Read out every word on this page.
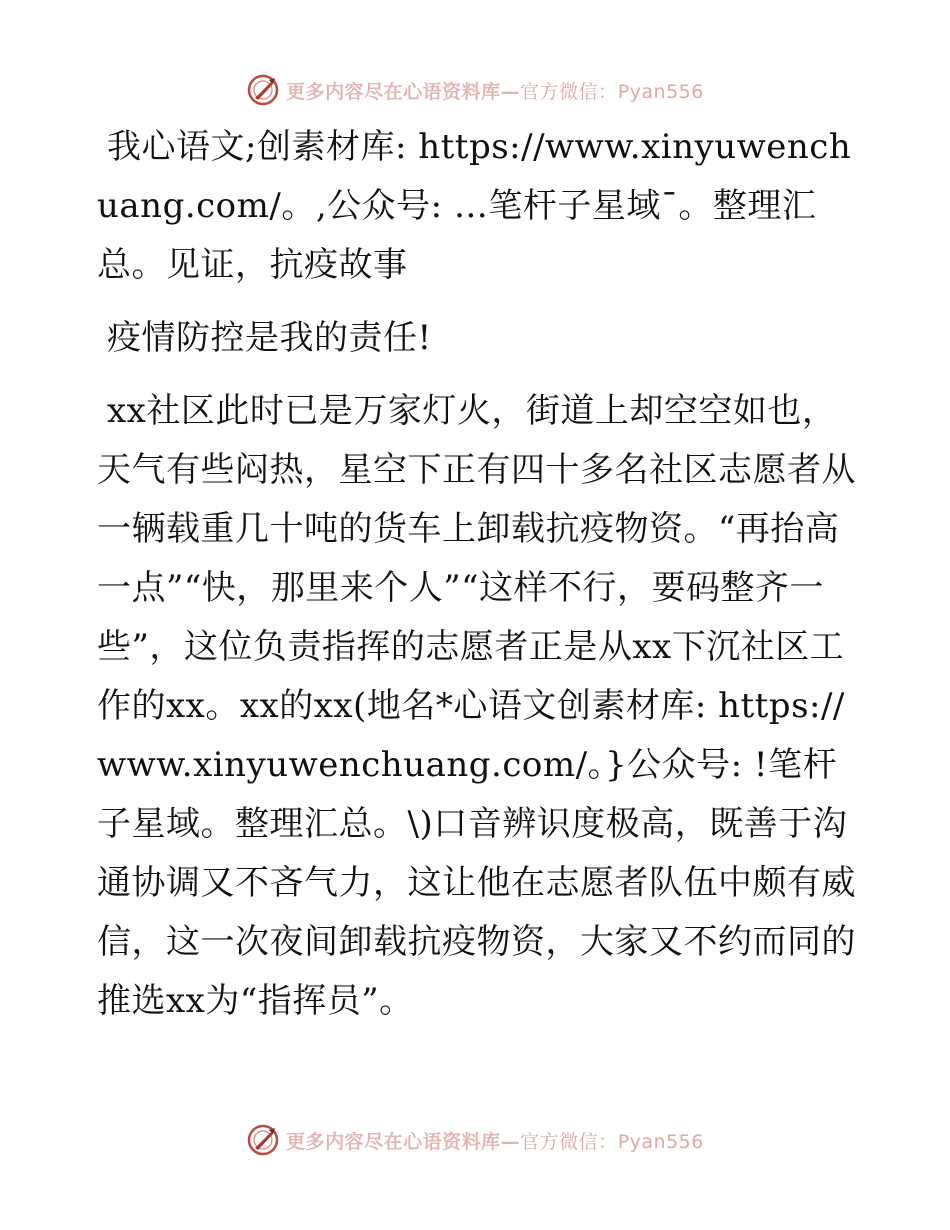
更多内容尽在心语资料库—官方微信：Pyan556

我心语文;创素材库: https://www.xinyuwenchuang.com/。,公众号: …笔杆子星域¯。整理汇总。见证，抗疫故事

疫情防控是我的责任!

xx社区此时已是万家灯火，街道上却空空如也，天气有些闷热，星空下正有四十多名社区志愿者从一辆载重几十吨的货车上卸载抗疫物资。“再抬高一点”“快，那里来个人”“这样不行，要码整齐一些”，这位负责指挥的志愿者正是从xx下沉社区工作的xx。xx的xx(地名*心语文创素材库: https://www.xinyuwenchuang.com/。}公众号: !笔杆子星域。整理汇总。\)口音辨识度极高，既善于沟通协调又不吝气力，这让他在志愿者队伍中颇有威信，这一次夜间卸载抗疫物资，大家又不约而同的推选xx为“指挥员”。

更多内容尽在心语资料库—官方微信：Pyan556
